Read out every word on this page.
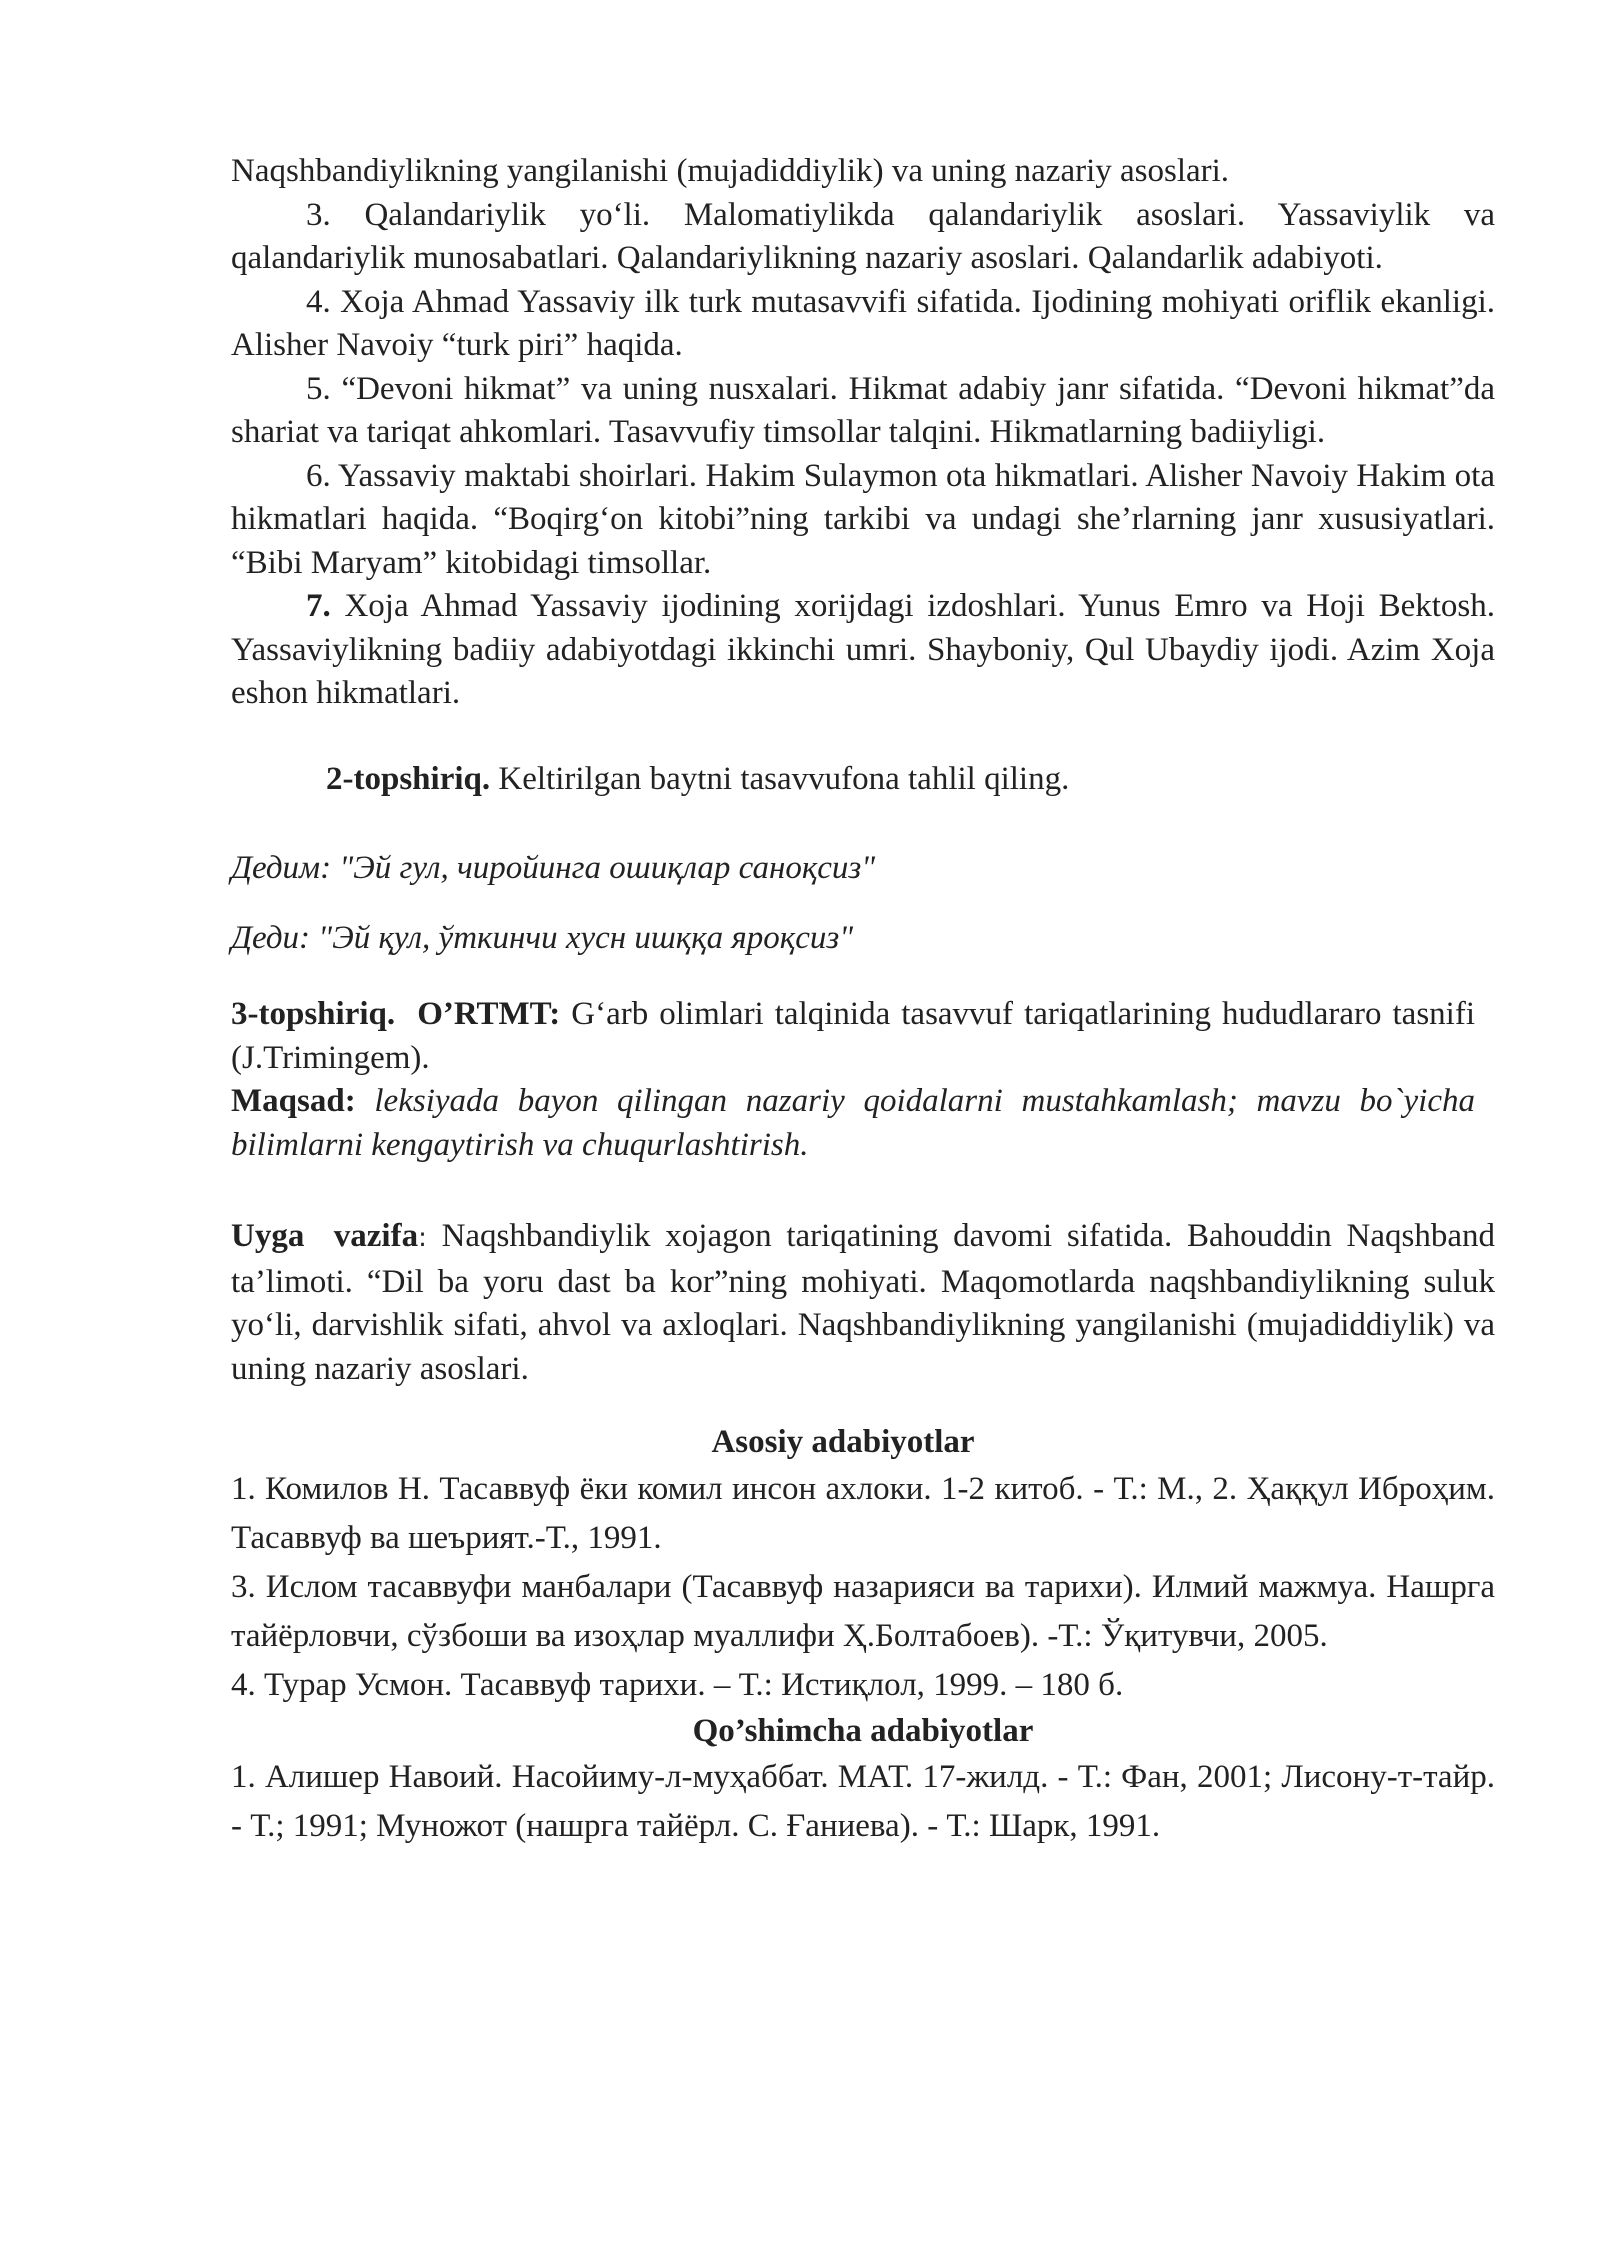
Naqshbandiylikning yangilanishi (mujadiddiylik) va uning nazariy asoslari.

3. Qalandariylik yo‘li. Malomatiylikda qalandariylik asoslari. Yassaviylik va qalandariylik munosabatlari. Qalandariylikning nazariy asoslari. Qalandarlik adabiyoti.

4. Xoja Ahmad Yassaviy ilk turk mutasavvifi sifatida. Ijodining mohiyati oriflik ekanligi. Alisher Navoiy “turk piri” haqida.

5. “Devoni hikmat” va uning nusxalari. Hikmat adabiy janr sifatida. “Devoni hikmat”da shariat va tariqat ahkomlari. Tasavvufiy timsollar talqini. Hikmatlarning badiiyligi.

6. Yassaviy maktabi shoirlari. Hakim Sulaymon ota hikmatlari. Alisher Navoiy Hakim ota hikmatlari haqida. “Boqirg‘on kitobi”ning tarkibi va undagi she’rlarning janr xususiyatlari. “Bibi Maryam” kitobidagi timsollar.

7. Xoja Ahmad Yassaviy ijodining xorijdagi izdoshlari. Yunus Emro va Hoji Bektosh. Yassaviylikning badiiy adabiyotdagi ikkinchi umri. Shayboniy, Qul Ubaydiy ijodi. Azim Xoja eshon hikmatlari.

2-topshiriq. Keltirilgan baytni tasavvufona tahlil qiling.

Дедим: "Эй гул, чиройинга ошиқлар саноқсиз"

Деди: "Эй қул, ўткинчи хусн ишққа яроқсиз"

3-topshiriq. O’RTMT: G‘arb olimlari talqinida tasavvuf tariqatlarining hududlararo tasnifi (J.Trimingem).

Maqsad: leksiyada bayon qilingan nazariy qoidalarni mustahkamlash; mavzu bo`yicha bilimlarni kengaytirish va chuqurlashtirish.

Uyga  vazifa: Naqshbandiylik xojagon tariqatining davomi sifatida. Bahouddin Naqshband ta’limoti. “Dil ba yoru dast ba kor”ning mohiyati. Maqomotlarda naqshbandiylikning suluk yo‘li, darvishlik sifati, ahvol va axloqlari. Naqshbandiylikning yangilanishi (mujadiddiylik) va uning nazariy asoslari.

Asosiy adabiyotlar

1. Комилов Н. Тасаввуф ёки комил инсон ахлоки. 1-2 китоб. - Т.: М., 2. Ҳаққул Иброҳим. Тасаввуф ва шеърият.-Т., 1991.

3. Ислом тасаввуфи манбалари (Тасаввуф назарияси ва тарихи). Илмий мажмуа. Нашрга тайёрловчи, сўзбоши ва изоҳлар муаллифи Ҳ.Болтабоев). -Т.: Ўқитувчи, 2005.

4. Турар Усмон. Тасаввуф тарихи. – Т.: Истиқлол, 1999. – 180 б.

Qo’shimcha adabiyotlar

1. Алишер Навоий. Насойиму-л-муҳаббат. МАТ. 17-жилд. - Т.: Фан, 2001; Лисону-т-тайр. - Т.; 1991; Муножот (нашрга тайёрл. С. Ғаниева). - Т.: Шарк, 1991.
